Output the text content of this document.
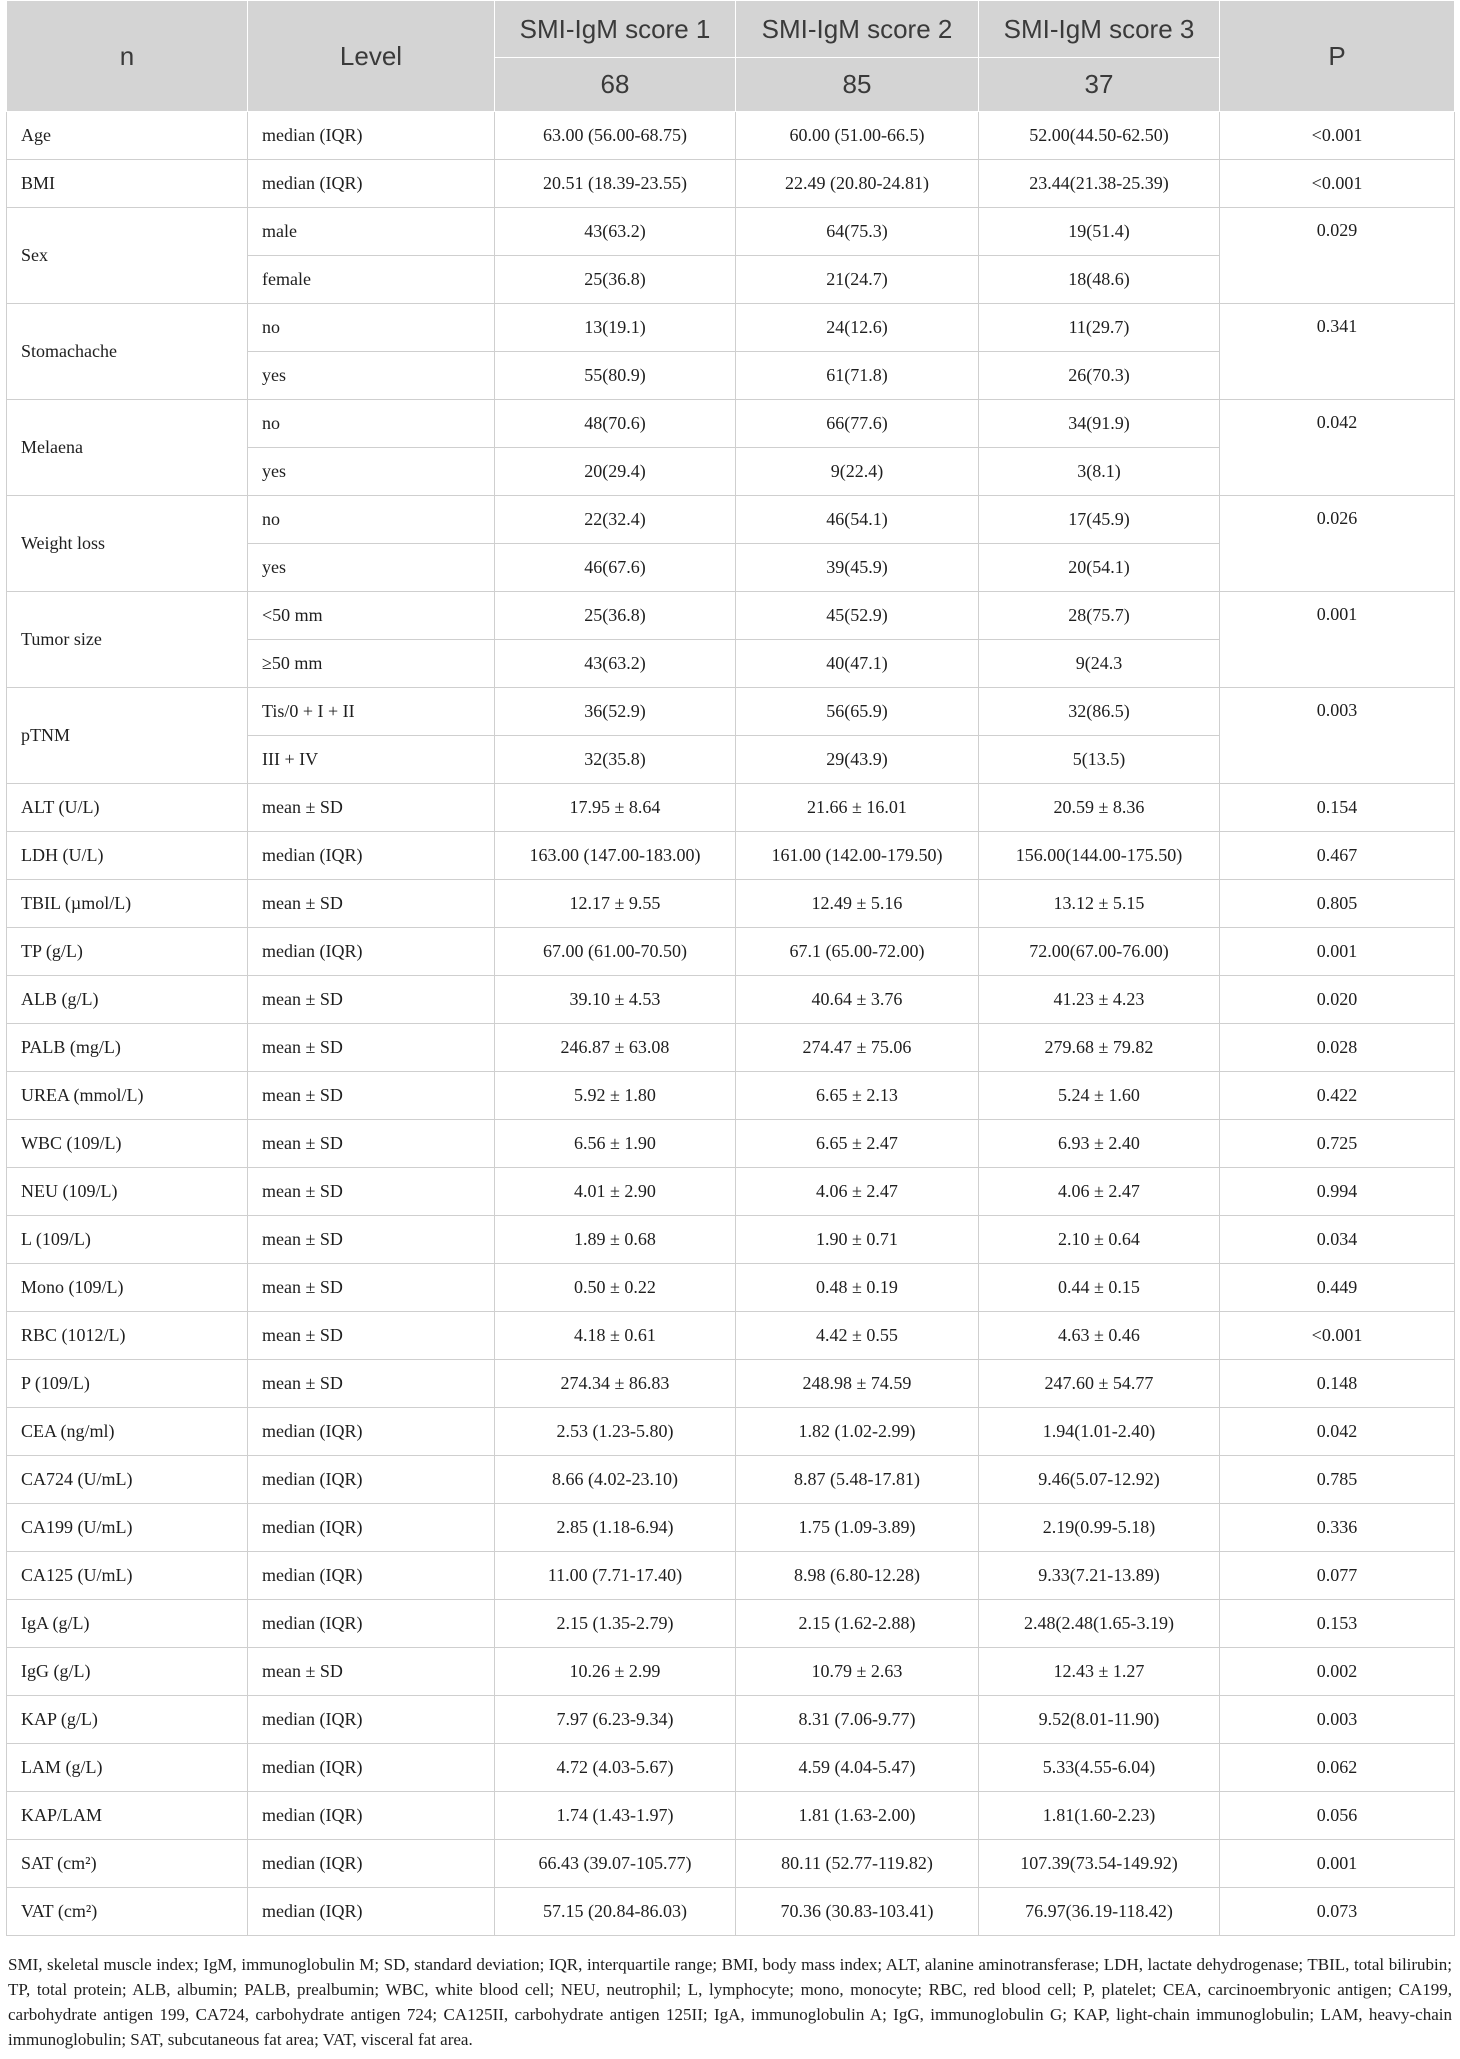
n	Level	SMI-IgM score 1	SMI-IgM score 2	SMI-IgM score 3	P
		68	85	37	
Age	median (IQR)	63.00 (56.00-68.75)	60.00 (51.00-66.5)	52.00(44.50-62.50)	<0.001
BMI	median (IQR)	20.51 (18.39-23.55)	22.49 (20.80-24.81)	23.44(21.38-25.39)	<0.001
Sex	male	43(63.2)	64(75.3)	19(51.4)	0.029
	female	25(36.8)	21(24.7)	18(48.6)	
Stomachache	no	13(19.1)	24(12.6)	11(29.7)	0.341
	yes	55(80.9)	61(71.8)	26(70.3)	
Melaena	no	48(70.6)	66(77.6)	34(91.9)	0.042
	yes	20(29.4)	9(22.4)	3(8.1)	
Weight loss	no	22(32.4)	46(54.1)	17(45.9)	0.026
	yes	46(67.6)	39(45.9)	20(54.1)	
Tumor size	<50 mm	25(36.8)	45(52.9)	28(75.7)	0.001
	≥50 mm	43(63.2)	40(47.1)	9(24.3	
pTNM	Tis/0 + I + II	36(52.9)	56(65.9)	32(86.5)	0.003
	III + IV	32(35.8)	29(43.9)	5(13.5)	
ALT (U/L)	mean ± SD	17.95 ± 8.64	21.66 ± 16.01	20.59 ± 8.36	0.154
LDH (U/L)	median (IQR)	163.00 (147.00-183.00)	161.00 (142.00-179.50)	156.00(144.00-175.50)	0.467
TBIL (µmol/L)	mean ± SD	12.17 ± 9.55	12.49 ± 5.16	13.12 ± 5.15	0.805
TP (g/L)	median (IQR)	67.00 (61.00-70.50)	67.1 (65.00-72.00)	72.00(67.00-76.00)	0.001
ALB (g/L)	mean ± SD	39.10 ± 4.53	40.64 ± 3.76	41.23 ± 4.23	0.020
PALB (mg/L)	mean ± SD	246.87 ± 63.08	274.47 ± 75.06	279.68 ± 79.82	0.028
UREA (mmol/L)	mean ± SD	5.92 ± 1.80	6.65 ± 2.13	5.24 ± 1.60	0.422
WBC (109/L)	mean ± SD	6.56 ± 1.90	6.65 ± 2.47	6.93 ± 2.40	0.725
NEU (109/L)	mean ± SD	4.01 ± 2.90	4.06 ± 2.47	4.06 ± 2.47	0.994
L (109/L)	mean ± SD	1.89 ± 0.68	1.90 ± 0.71	2.10 ± 0.64	0.034
Mono (109/L)	mean ± SD	0.50 ± 0.22	0.48 ± 0.19	0.44 ± 0.15	0.449
RBC (1012/L)	mean ± SD	4.18 ± 0.61	4.42 ± 0.55	4.63 ± 0.46	<0.001
P (109/L)	mean ± SD	274.34 ± 86.83	248.98 ± 74.59	247.60 ± 54.77	0.148
CEA (ng/ml)	median (IQR)	2.53 (1.23-5.80)	1.82 (1.02-2.99)	1.94(1.01-2.40)	0.042
CA724 (U/mL)	median (IQR)	8.66 (4.02-23.10)	8.87 (5.48-17.81)	9.46(5.07-12.92)	0.785
CA199 (U/mL)	median (IQR)	2.85 (1.18-6.94)	1.75 (1.09-3.89)	2.19(0.99-5.18)	0.336
CA125 (U/mL)	median (IQR)	11.00 (7.71-17.40)	8.98 (6.80-12.28)	9.33(7.21-13.89)	0.077
IgA (g/L)	median (IQR)	2.15 (1.35-2.79)	2.15 (1.62-2.88)	2.48(2.48(1.65-3.19)	0.153
IgG (g/L)	mean ± SD	10.26 ± 2.99	10.79 ± 2.63	12.43 ± 1.27	0.002
KAP (g/L)	median (IQR)	7.97 (6.23-9.34)	8.31 (7.06-9.77)	9.52(8.01-11.90)	0.003
LAM (g/L)	median (IQR)	4.72 (4.03-5.67)	4.59 (4.04-5.47)	5.33(4.55-6.04)	0.062
KAP/LAM	median (IQR)	1.74 (1.43-1.97)	1.81 (1.63-2.00)	1.81(1.60-2.23)	0.056
SAT (cm²)	median (IQR)	66.43 (39.07-105.77)	80.11 (52.77-119.82)	107.39(73.54-149.92)	0.001
VAT (cm²)	median (IQR)	57.15 (20.84-86.03)	70.36 (30.83-103.41)	76.97(36.19-118.42)	0.073
SMI, skeletal muscle index; IgM, immunoglobulin M; SD, standard deviation; IQR, interquartile range; BMI, body mass index; ALT, alanine aminotransferase; LDH, lactate dehydrogenase; TBIL, total bilirubin; TP, total protein; ALB, albumin; PALB, prealbumin; WBC, white blood cell; NEU, neutrophil; L, lymphocyte; mono, monocyte; RBC, red blood cell; P, platelet; CEA, carcinoembryonic antigen; CA199, carbohydrate antigen 199, CA724, carbohydrate antigen 724; CA125II, carbohydrate antigen 125II; IgA, immunoglobulin A; IgG, immunoglobulin G; KAP, light-chain immunoglobulin; LAM, heavy-chain immunoglobulin; SAT, subcutaneous fat area; VAT, visceral fat area.
